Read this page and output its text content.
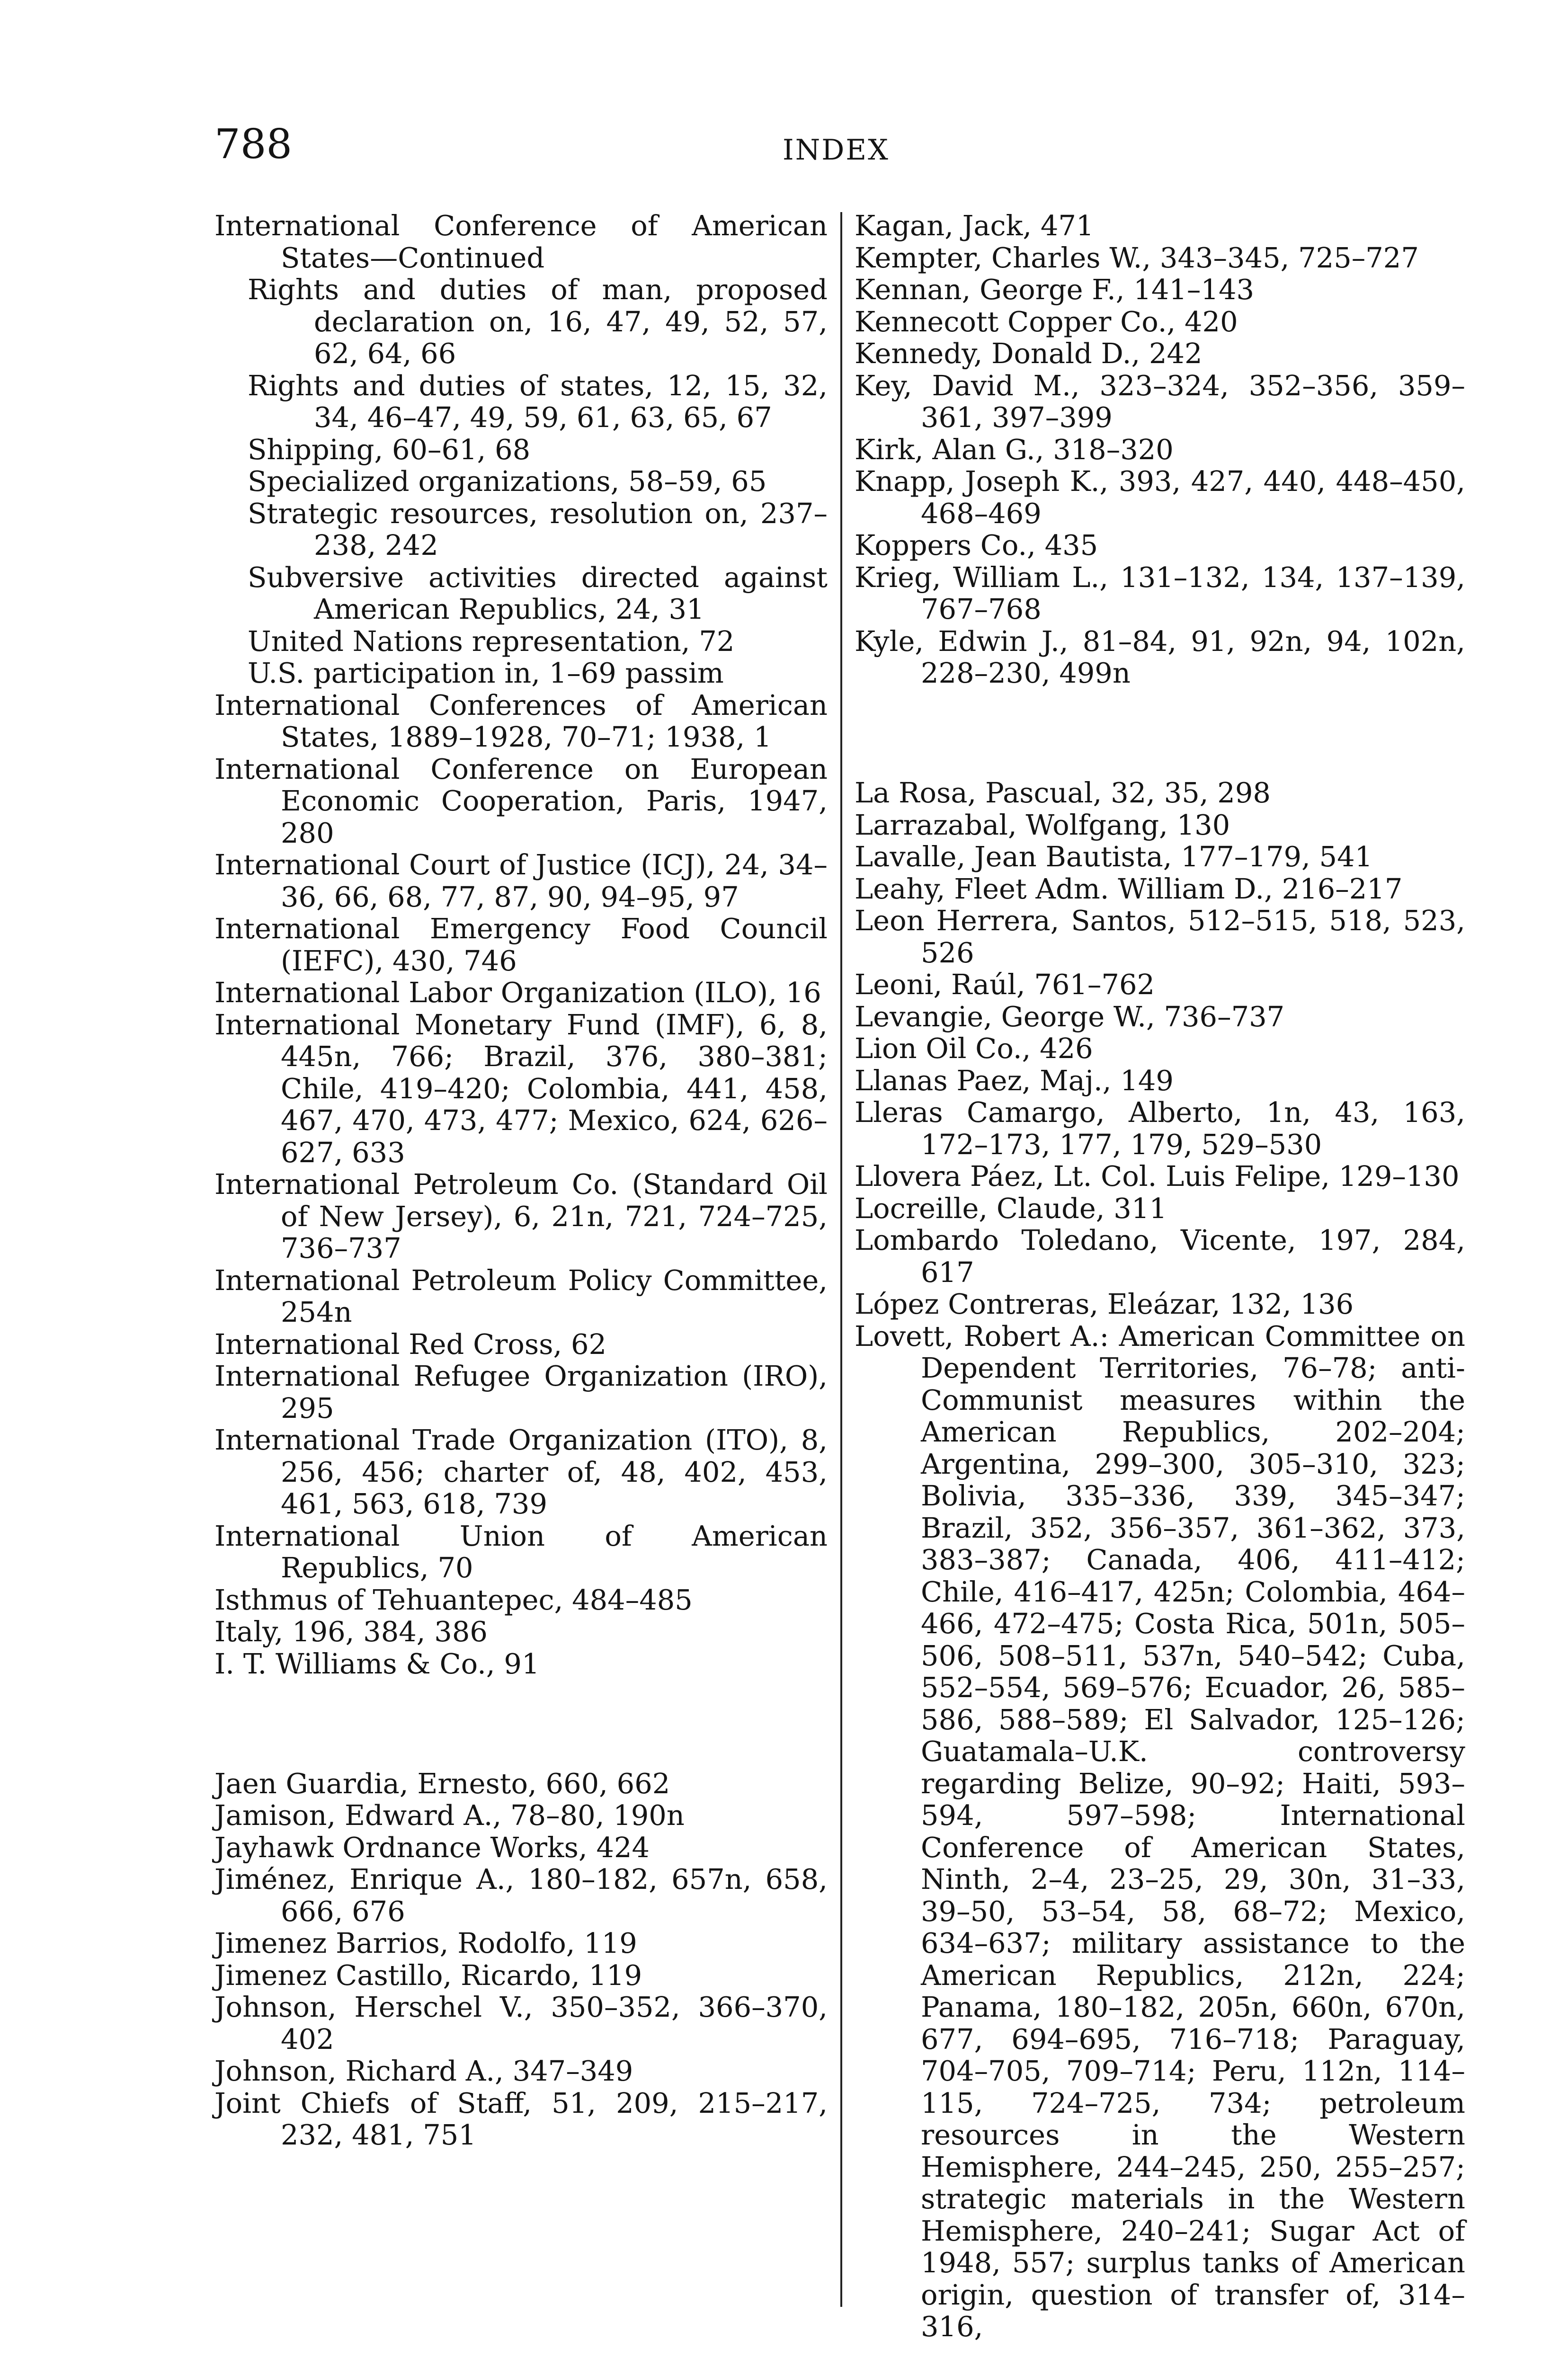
788	INDEX

International Conference of American States—Continued

Rights and duties of man, proposed declaration on, 16, 47, 49, 52, 57, 62, 64, 66

Rights and duties of states, 12, 15, 32, 34, 46–47, 49, 59, 61, 63, 65, 67

Shipping, 60–61, 68

Specialized organizations, 58–59, 65

Strategic resources, resolution on, 237–238, 242

Subversive activities directed against American Republics, 24, 31

United Nations representation, 72

U.S. participation in, 1–69 passim

International Conferences of American States, 1889–1928, 70–71; 1938, 1

International Conference on European Economic Cooperation, Paris, 1947, 280

International Court of Justice (ICJ), 24, 34–36, 66, 68, 77, 87, 90, 94–95, 97

International Emergency Food Council (IEFC), 430, 746

International Labor Organization (ILO), 16

International Monetary Fund (IMF), 6, 8, 445n, 766; Brazil, 376, 380–381; Chile, 419–420; Colombia, 441, 458, 467, 470, 473, 477; Mexico, 624, 626–627, 633

International Petroleum Co. (Standard Oil of New Jersey), 6, 21n, 721, 724–725, 736–737

International Petroleum Policy Committee, 254n

International Red Cross, 62

International Refugee Organization (IRO), 295

International Trade Organization (ITO), 8, 256, 456; charter of, 48, 402, 453, 461, 563, 618, 739

International Union of American Republics, 70

Isthmus of Tehuantepec, 484–485

Italy, 196, 384, 386

I. T. Williams & Co., 91

Jaen Guardia, Ernesto, 660, 662

Jamison, Edward A., 78–80, 190n

Jayhawk Ordnance Works, 424

Jiménez, Enrique A., 180–182, 657n, 658, 666, 676

Jimenez Barrios, Rodolfo, 119

Jimenez Castillo, Ricardo, 119

Johnson, Herschel V., 350–352, 366–370, 402

Johnson, Richard A., 347–349

Joint Chiefs of Staff, 51, 209, 215–217, 232, 481, 751

Kagan, Jack, 471

Kempter, Charles W., 343–345, 725–727

Kennan, George F., 141–143

Kennecott Copper Co., 420

Kennedy, Donald D., 242

Key, David M., 323–324, 352–356, 359–361, 397–399

Kirk, Alan G., 318–320

Knapp, Joseph K., 393, 427, 440, 448–450, 468–469

Koppers Co., 435

Krieg, William L., 131–132, 134, 137–139, 767–768

Kyle, Edwin J., 81–84, 91, 92n, 94, 102n, 228–230, 499n

La Rosa, Pascual, 32, 35, 298

Larrazabal, Wolfgang, 130

Lavalle, Jean Bautista, 177–179, 541

Leahy, Fleet Adm. William D., 216–217

Leon Herrera, Santos, 512–515, 518, 523, 526

Leoni, Raúl, 761–762

Levangie, George W., 736–737

Lion Oil Co., 426

Llanas Paez, Maj., 149

Lleras Camargo, Alberto, 1n, 43, 163, 172–173, 177, 179, 529–530

Llovera Páez, Lt. Col. Luis Felipe, 129–130

Locreille, Claude, 311

Lombardo Toledano, Vicente, 197, 284, 617

López Contreras, Eleázar, 132, 136

Lovett, Robert A.: American Committee on Dependent Territories, 76–78; anti-Communist measures within the American Republics, 202–204; Argentina, 299–300, 305–310, 323; Bolivia, 335–336, 339, 345–347; Brazil, 352, 356–357, 361–362, 373, 383–387; Canada, 406, 411–412; Chile, 416–417, 425n; Colombia, 464–466, 472–475; Costa Rica, 501n, 505–506, 508–511, 537n, 540–542; Cuba, 552–554, 569–576; Ecuador, 26, 585–586, 588–589; El Salvador, 125–126; Guatamala–U.K. controversy regarding Belize, 90–92; Haiti, 593–594, 597–598; International Conference of American States, Ninth, 2–4, 23–25, 29, 30n, 31–33, 39–50, 53–54, 58, 68–72; Mexico, 634–637; military assistance to the American Republics, 212n, 224; Panama, 180–182, 205n, 660n, 670n, 677, 694–695, 716–718; Paraguay, 704–705, 709–714; Peru, 112n, 114–115, 724–725, 734; petroleum resources in the Western Hemisphere, 244–245, 250, 255–257; strategic materials in the Western Hemisphere, 240–241; Sugar Act of 1948, 557; surplus tanks of American origin, question of transfer of, 314–316,
